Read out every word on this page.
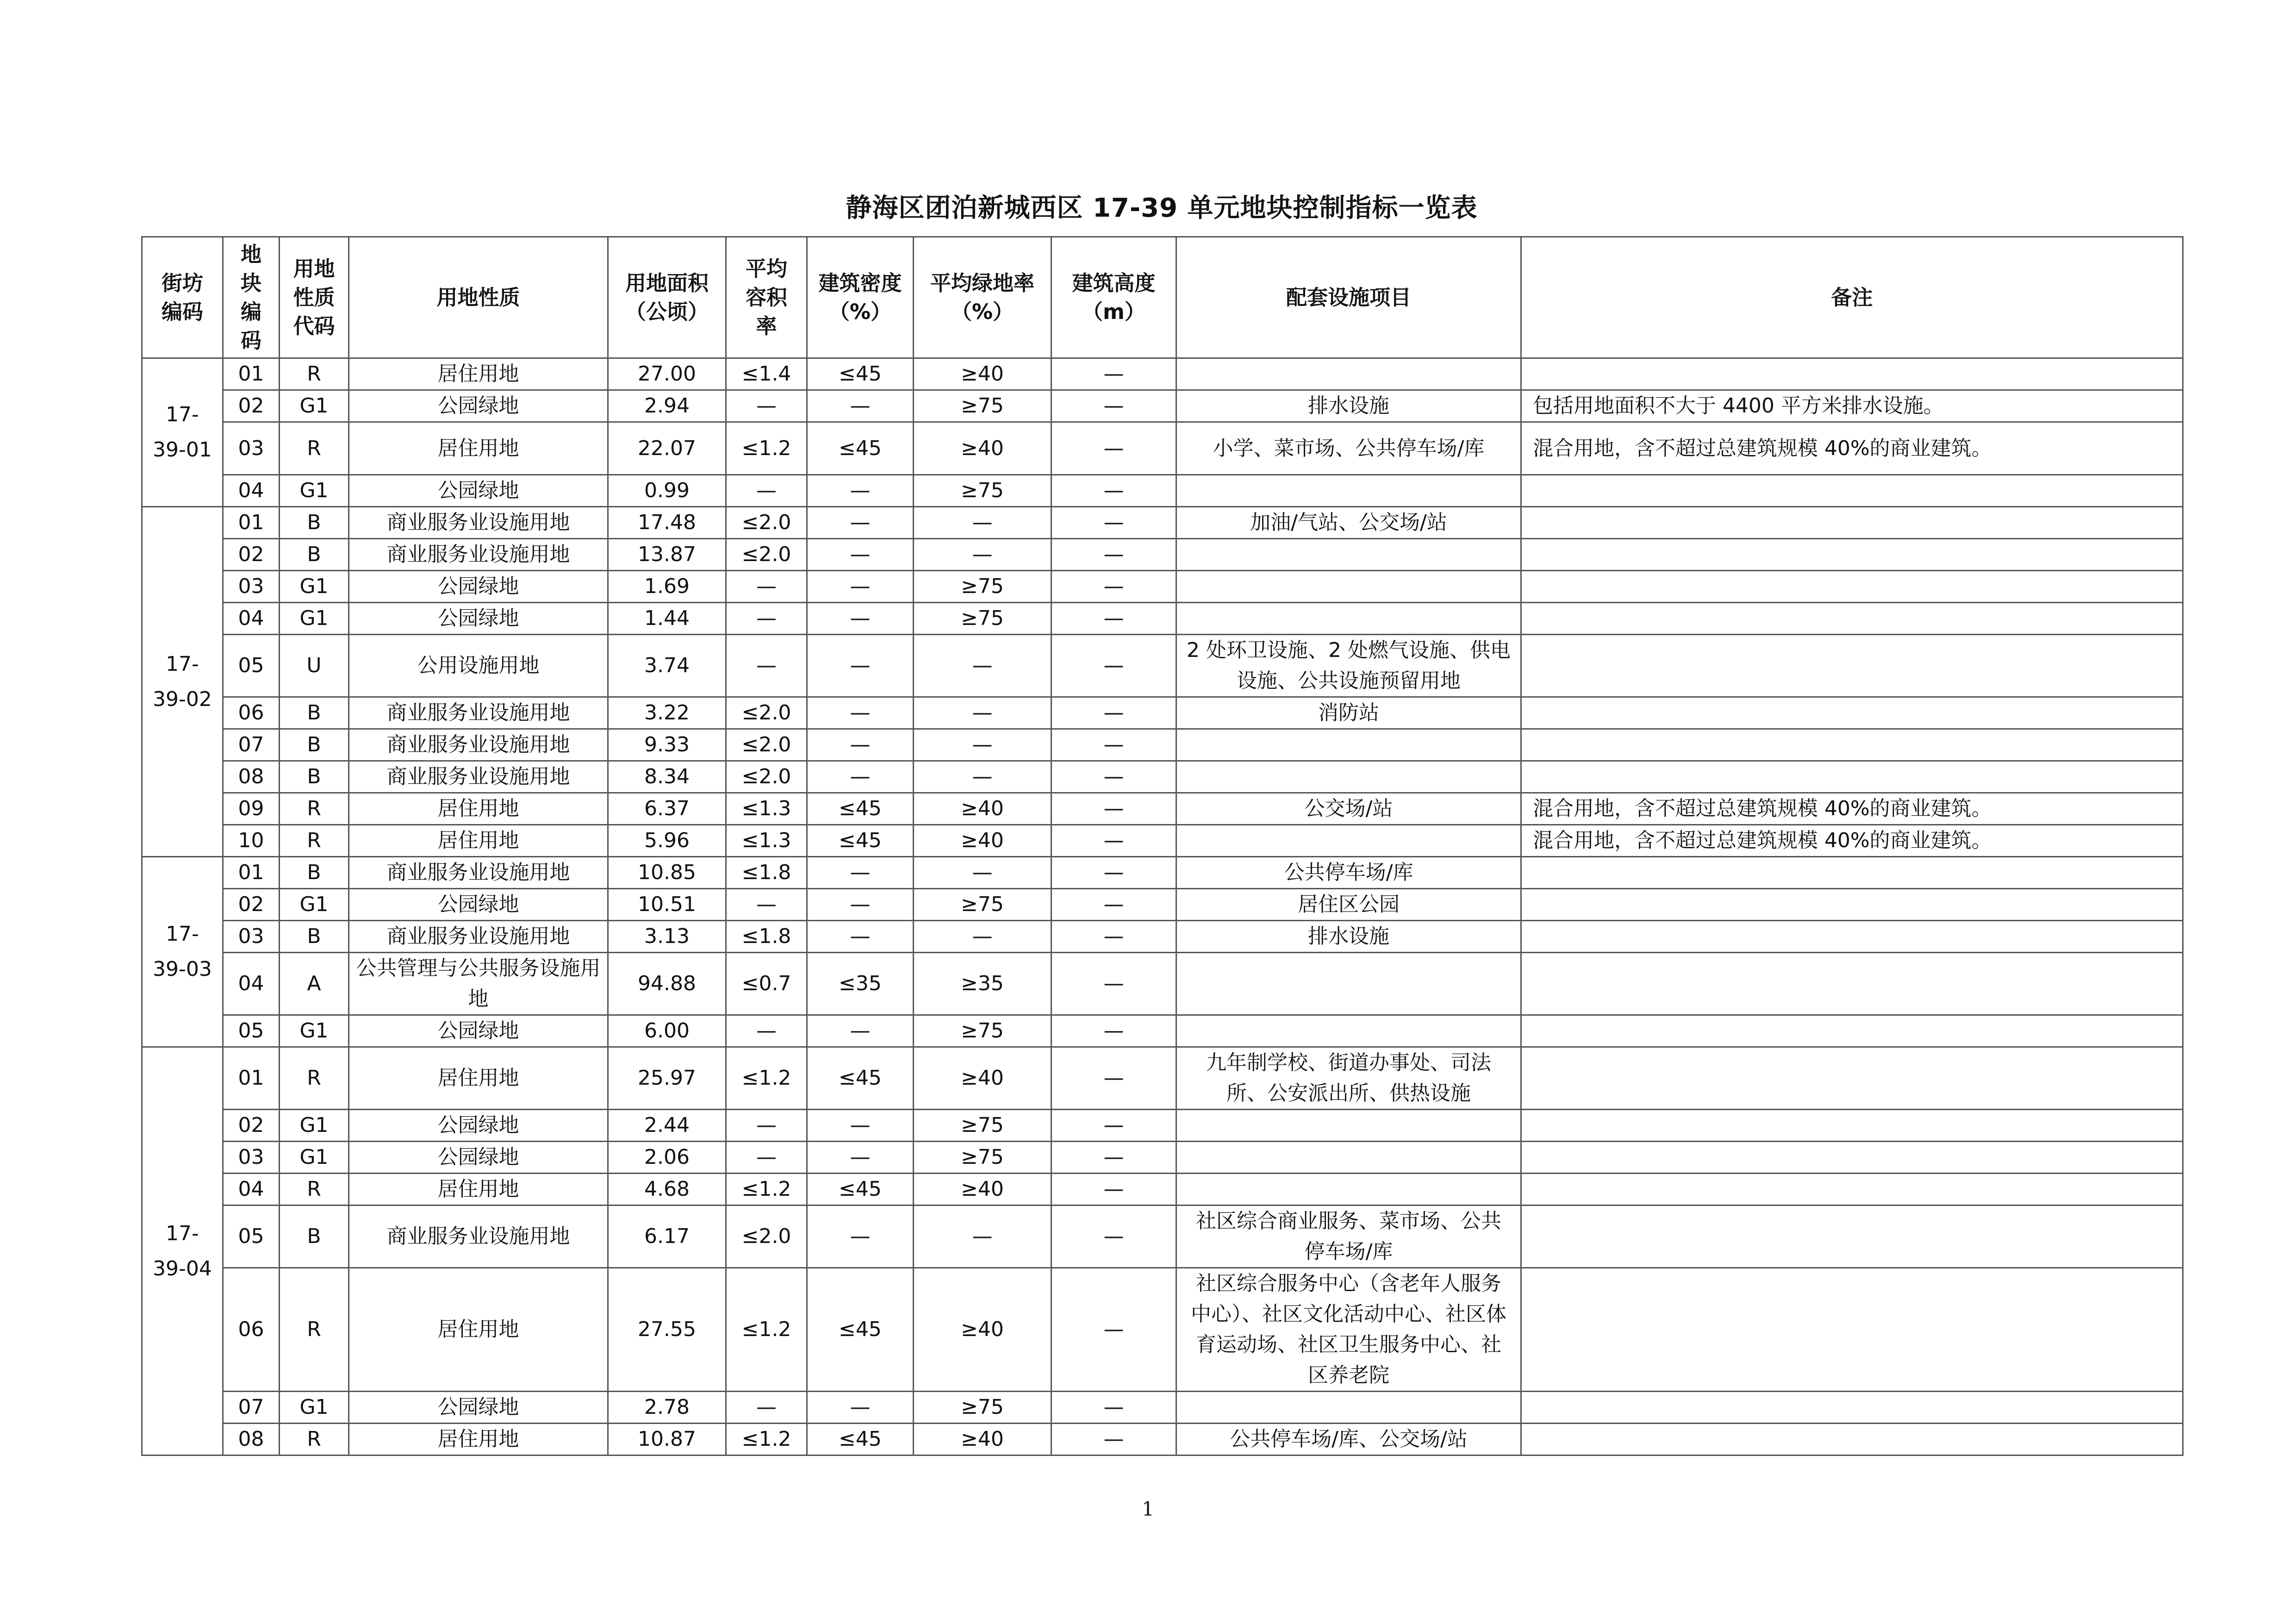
静海区团泊新城西区 17-39 单元地块控制指标一览表
街坊编码	地块编码	用地性质代码	用地性质	用地面积（公顷）	平均容积率	建筑密度（%）	平均绿地率（%）	建筑高度（m）	配套设施项目	备注

17-
39-01	01	R	居住用地	27.00	≤1.4	≤45	≥40	—		
	02	G1	公园绿地	2.94	—	—	≥75	—	排水设施	包括用地面积不大于 4400 平方米排水设施。
	03	R	居住用地	22.07	≤1.2	≤45	≥40	—	小学、菜市场、公共停车场/库	混合用地，含不超过总建筑规模 40%的商业建筑。
	04	G1	公园绿地	0.99	—	—	≥75	—		

17-
39-02	01	B	商业服务业设施用地	17.48	≤2.0	—	—	—	加油/气站、公交场/站	
	02	B	商业服务业设施用地	13.87	≤2.0	—	—	—		
	03	G1	公园绿地	1.69	—	—	≥75	—		
	04	G1	公园绿地	1.44	—	—	≥75	—		
	05	U	公用设施用地	3.74	—	—	—	—	2 处环卫设施、2 处燃气设施、供电设施、公共设施预留用地	
	06	B	商业服务业设施用地	3.22	≤2.0	—	—	—	消防站	
	07	B	商业服务业设施用地	9.33	≤2.0	—	—	—		
	08	B	商业服务业设施用地	8.34	≤2.0	—	—	—		
	09	R	居住用地	6.37	≤1.3	≤45	≥40	—	公交场/站	混合用地，含不超过总建筑规模 40%的商业建筑。
	10	R	居住用地	5.96	≤1.3	≤45	≥40	—		混合用地，含不超过总建筑规模 40%的商业建筑。

17-
39-03	01	B	商业服务业设施用地	10.85	≤1.8	—	—	—	公共停车场/库	
	02	G1	公园绿地	10.51	—	—	≥75	—	居住区公园	
	03	B	商业服务业设施用地	3.13	≤1.8	—	—	—	排水设施	
	04	A	公共管理与公共服务设施用地	94.88	≤0.7	≤35	≥35	—		
	05	G1	公园绿地	6.00	—	—	≥75	—		

17-
39-04	01	R	居住用地	25.97	≤1.2	≤45	≥40	—	九年制学校、街道办事处、司法所、公安派出所、供热设施	
	02	G1	公园绿地	2.44	—	—	≥75	—		
	03	G1	公园绿地	2.06	—	—	≥75	—		
	04	R	居住用地	4.68	≤1.2	≤45	≥40	—		
	05	B	商业服务业设施用地	6.17	≤2.0	—	—	—	社区综合商业服务、菜市场、公共停车场/库	
	06	R	居住用地	27.55	≤1.2	≤45	≥40	—	社区综合服务中心（含老年人服务中心）、社区文化活动中心、社区体育运动场、社区卫生服务中心、社区养老院	
	07	G1	公园绿地	2.78	—	—	≥75	—		
	08	R	居住用地	10.87	≤1.2	≤45	≥40	—	公共停车场/库、公交场/站	
1
